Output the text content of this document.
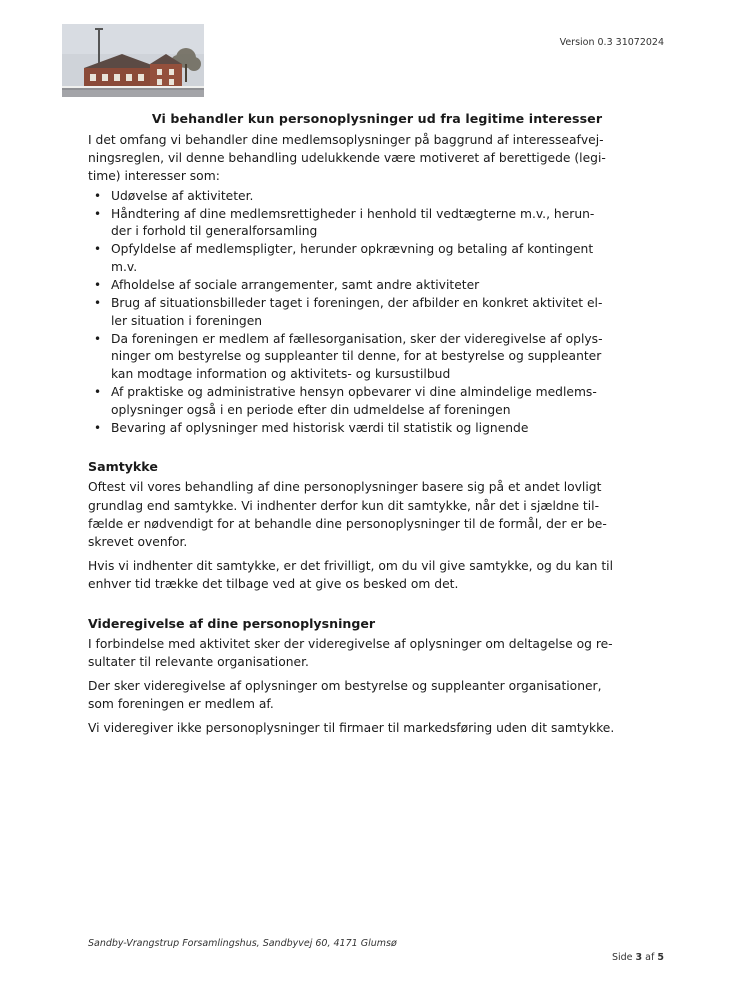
Version 0.3 31072024
Vi behandler kun personoplysninger ud fra legitime interesser

I det omfang vi behandler dine medlemsoplysninger på baggrund af interesseafvej-
ningsreglen, vil denne behandling udelukkende være motiveret af berettigede (legi-
time) interesser som:

• Udøvelse af aktiviteter.
• Håndtering af dine medlemsrettigheder i henhold til vedtægterne m.v., herun-
der i forhold til generalforsamling
• Opfyldelse af medlemspligter, herunder opkrævning og betaling af kontingent
m.v.
• Afholdelse af sociale arrangementer, samt andre aktiviteter
• Brug af situationsbilleder taget i foreningen, der afbilder en konkret aktivitet el-
ler situation i foreningen
• Da foreningen er medlem af fællesorganisation, sker der videregivelse af oplys-
ninger om bestyrelse og suppleanter til denne, for at bestyrelse og suppleanter
kan modtage information og aktivitets- og kursustilbud
• Af praktiske og administrative hensyn opbevarer vi dine almindelige medlems-
oplysninger også i en periode efter din udmeldelse af foreningen
• Bevaring af oplysninger med historisk værdi til statistik og lignende
Samtykke

Oftest vil vores behandling af dine personoplysninger basere sig på et andet lovligt
grundlag end samtykke. Vi indhenter derfor kun dit samtykke, når det i sjældne til-
fælde er nødvendigt for at behandle dine personoplysninger til de formål, der er be-
skrevet ovenfor.

Hvis vi indhenter dit samtykke, er det frivilligt, om du vil give samtykke, og du kan til
enhver tid trække det tilbage ved at give os besked om det.

Videregivelse af dine personoplysninger

I forbindelse med aktivitet sker der videregivelse af oplysninger om deltagelse og re-
sultater til relevante organisationer.

Der sker videregivelse af oplysninger om bestyrelse og suppleanter organisationer,
som foreningen er medlem af.

Vi videregiver ikke personoplysninger til firmaer til markedsføring uden dit samtykke.

Sandby-Vrangstrup Forsamlingshus, Sandbyvej 60, 4171 Glumsø
Side 3 af 5
